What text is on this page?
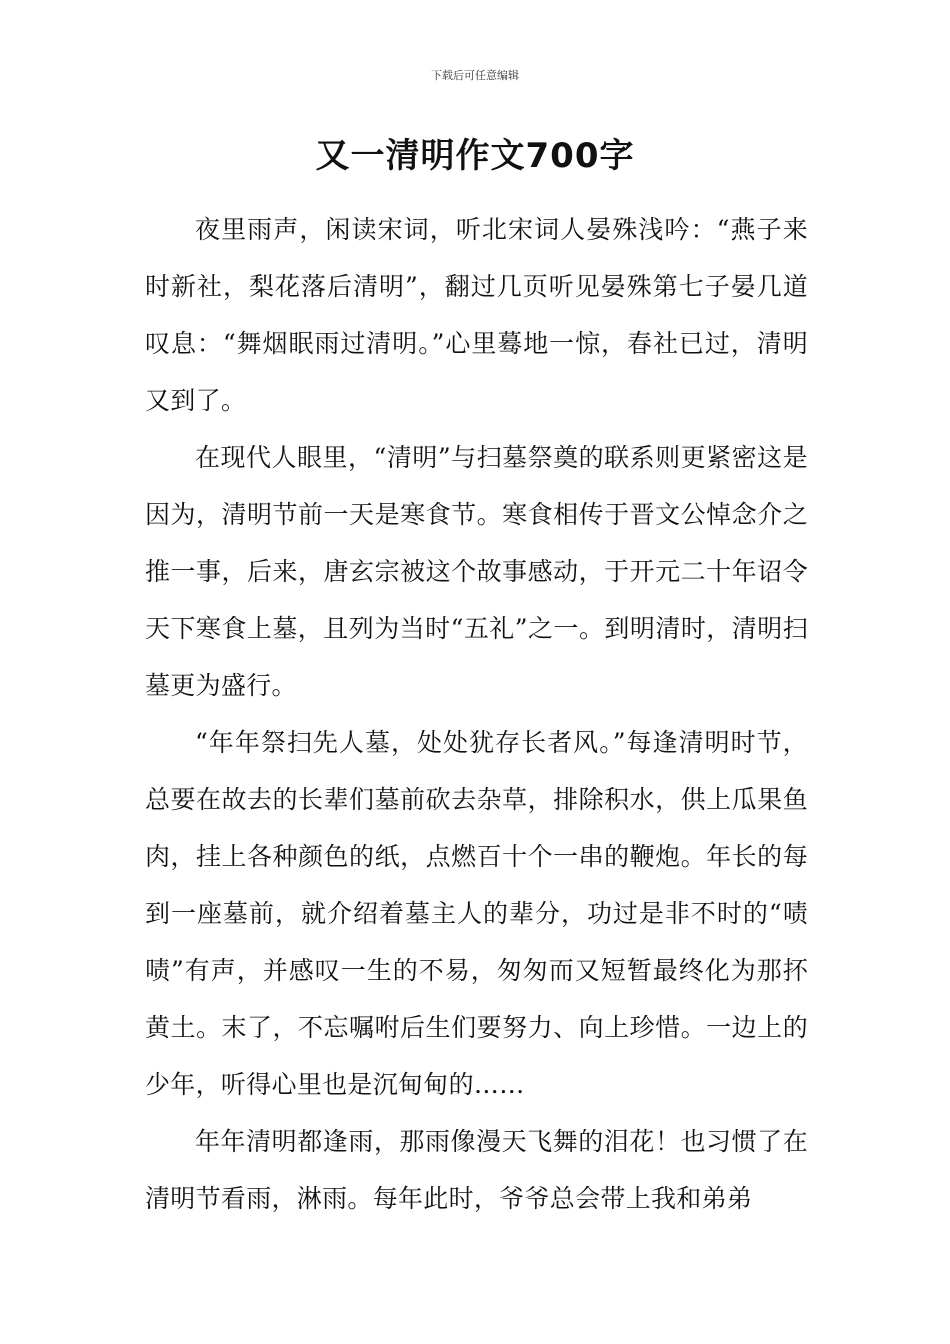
下载后可任意编辑
又一清明作文700字

夜里雨声，闲读宋词，听北宋词人晏殊浅吟：“燕子来时新社，梨花落后清明”，翻过几页听见晏殊第七子晏几道叹息：“舞烟眠雨过清明。”心里蓦地一惊，春社已过，清明又到了。

在现代人眼里，“清明”与扫墓祭奠的联系则更紧密这是因为，清明节前一天是寒食节。寒食相传于晋文公悼念介之推一事，后来，唐玄宗被这个故事感动，于开元二十年诏令天下寒食上墓，且列为当时“五礼”之一。到明清时，清明扫墓更为盛行。

“年年祭扫先人墓，处处犹存长者风。”每逢清明时节，总要在故去的长辈们墓前砍去杂草，排除积水，供上瓜果鱼肉，挂上各种颜色的纸，点燃百十个一串的鞭炮。年长的每到一座墓前，就介绍着墓主人的辈分，功过是非不时的“啧啧”有声，并感叹一生的不易，匆匆而又短暂最终化为那抔黄土。末了，不忘嘱咐后生们要努力、向上珍惜。一边上的少年，听得心里也是沉甸甸的……

年年清明都逢雨，那雨像漫天飞舞的泪花！也习惯了在清明节看雨，淋雨。每年此时，爷爷总会带上我和弟弟
